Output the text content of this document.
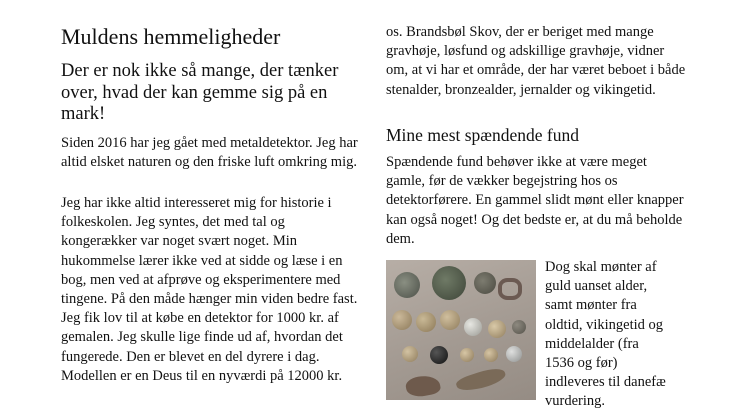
Muldens hemmeligheder

Der er nok ikke så mange, der tænker over, hvad der kan gemme sig på en mark!

Siden 2016 har jeg gået med metaldetektor. Jeg har altid elsket naturen og den friske luft omkring mig.

Jeg har ikke altid interesseret mig for historie i folkeskolen. Jeg syntes, det med tal og kongerækker var noget svært noget. Min hukommelse lærer ikke ved at sidde og læse i en bog, men ved at afprøve og eksperimentere med tingene. På den måde hænger min viden bedre fast. Jeg fik lov til at købe en detektor for 1000 kr. af gemalen. Jeg skulle lige finde ud af, hvordan det fungerede. Den er blevet en del dyrere i dag. Modellen er en Deus til en nyværdi på 12000 kr.

os. Brandsbøl Skov, der er beriget med mange gravhøje, løsfund og adskillige gravhøje, vidner om, at vi har et område, der har været beboet i både stenalder, bronzealder, jernalder og vikingetid.

Mine mest spændende fund

Spændende fund behøver ikke at være meget gamle, før de vækker begejstring hos os detektorførere. En gammel slidt mønt eller knapper kan også noget! Og det bedste er, at du må beholde dem.

Dog skal mønter af guld uanset alder, samt mønter fra oldtid, vikingetid og middelalder (fra 1536 og før) indleveres til danefæ vurdering.
